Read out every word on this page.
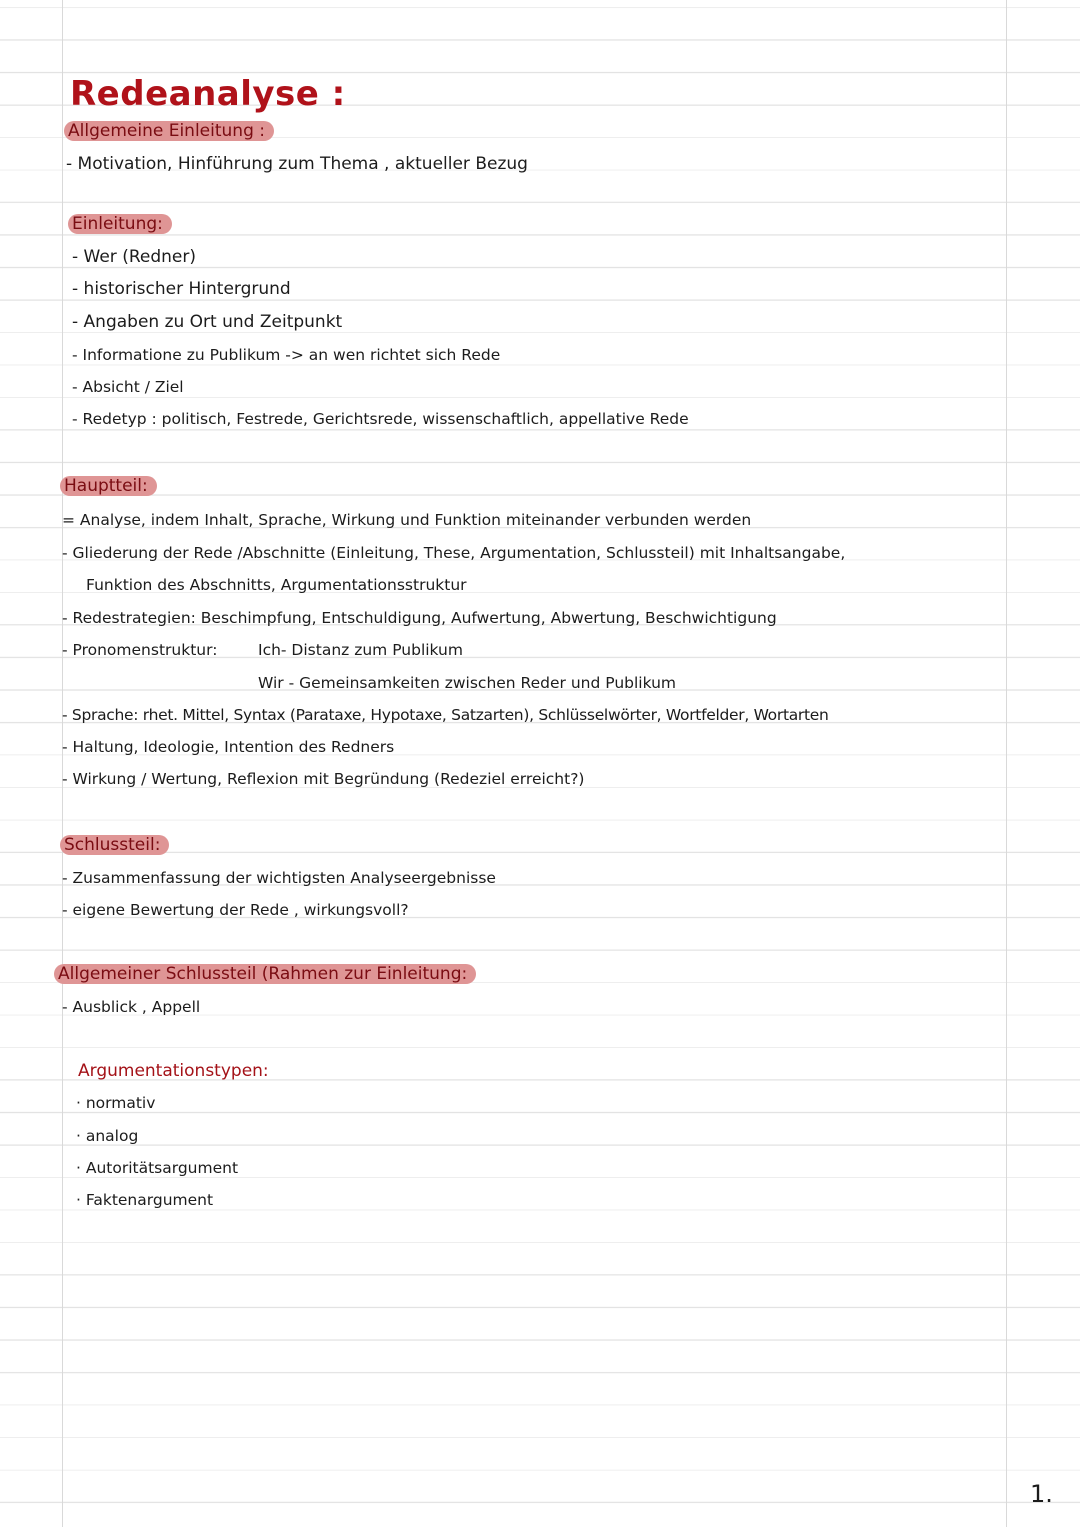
Redeanalyse :
Allgemeine Einleitung :
- Motivation, Hinführung zum Thema , aktueller Bezug
Einleitung:
- Wer (Redner)
- historischer Hintergrund
- Angaben zu Ort und Zeitpunkt
- Informatione zu Publikum -> an wen richtet sich Rede
- Absicht / Ziel
- Redetyp : politisch, Festrede, Gerichtsrede, wissenschaftlich, appellative Rede
Hauptteil:
= Analyse, indem Inhalt, Sprache, Wirkung und Funktion miteinander verbunden werden
- Gliederung der Rede /Abschnitte (Einleitung, These, Argumentation, Schlussteil) mit Inhaltsangabe,
Funktion des Abschnitts, Argumentationsstruktur
- Redestrategien: Beschimpfung, Entschuldigung, Aufwertung, Abwertung, Beschwichtigung
- Pronomenstruktur:	Ich- Distanz zum Publikum
Wir - Gemeinsamkeiten zwischen Reder und Publikum
- Sprache: rhet. Mittel, Syntax (Parataxe, Hypotaxe, Satzarten), Schlüsselwörter, Wortfelder, Wortarten
- Haltung, Ideologie, Intention des Redners
- Wirkung / Wertung, Reflexion mit Begründung (Redeziel erreicht?)
Schlussteil:
- Zusammenfassung der wichtigsten Analyseergebnisse
- eigene Bewertung der Rede , wirkungsvoll?
Allgemeiner Schlussteil (Rahmen zur Einleitung:
- Ausblick , Appell
Argumentationstypen:
· normativ
· analog
· Autoritätsargument
· Faktenargument
1.
